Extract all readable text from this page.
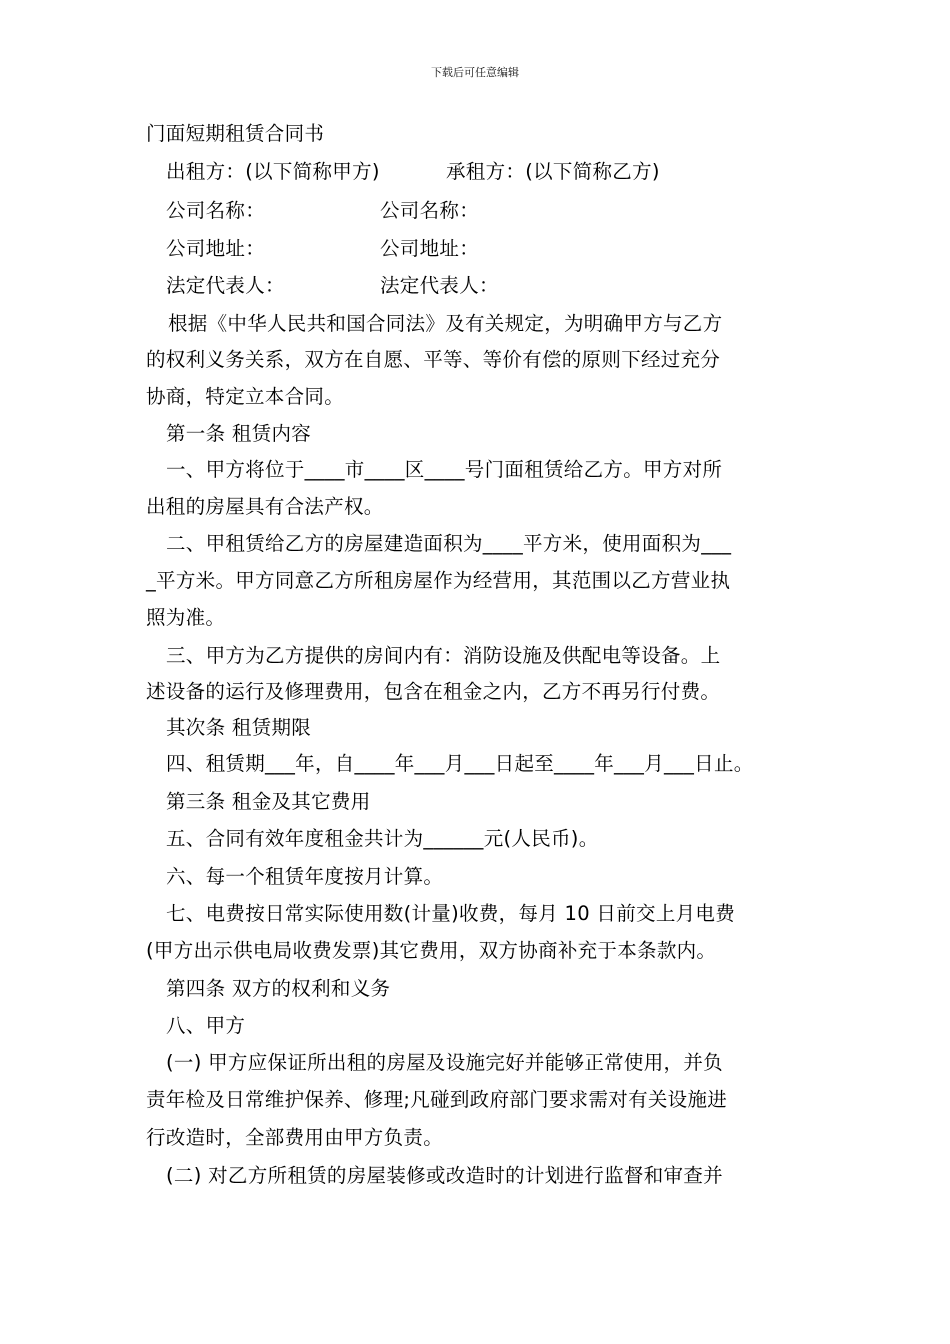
下载后可任意编辑
门面短期租赁合同书
出租方：(以下简称甲方)	承租方：(以下简称乙方)
公司名称：	公司名称：
公司地址：	公司地址：
法定代表人：	法定代表人：
根据《中华人民共和国合同法》及有关规定，为明确甲方与乙方
的权利义务关系，双方在自愿、平等、等价有偿的原则下经过充分
协商，特定立本合同。
第一条 租赁内容
一、甲方将位于____市____区____号门面租赁给乙方。甲方对所
出租的房屋具有合法产权。
二、甲租赁给乙方的房屋建造面积为____平方米，使用面积为___
_平方米。甲方同意乙方所租房屋作为经营用，其范围以乙方营业执
照为准。
三、甲方为乙方提供的房间内有：消防设施及供配电等设备。上
述设备的运行及修理费用，包含在租金之内，乙方不再另行付费。
其次条 租赁期限
四、租赁期___年，自____年___月___日起至____年___月___日止。
第三条 租金及其它费用
五、合同有效年度租金共计为______元(人民币)。
六、每一个租赁年度按月计算。
七、电费按日常实际使用数(计量)收费，每月 10 日前交上月电费
(甲方出示供电局收费发票)其它费用，双方协商补充于本条款内。
第四条 双方的权利和义务
八、甲方
(一) 甲方应保证所出租的房屋及设施完好并能够正常使用，并负
责年检及日常维护保养、修理;凡碰到政府部门要求需对有关设施进
行改造时，全部费用由甲方负责。
(二) 对乙方所租赁的房屋装修或改造时的计划进行监督和审查并
